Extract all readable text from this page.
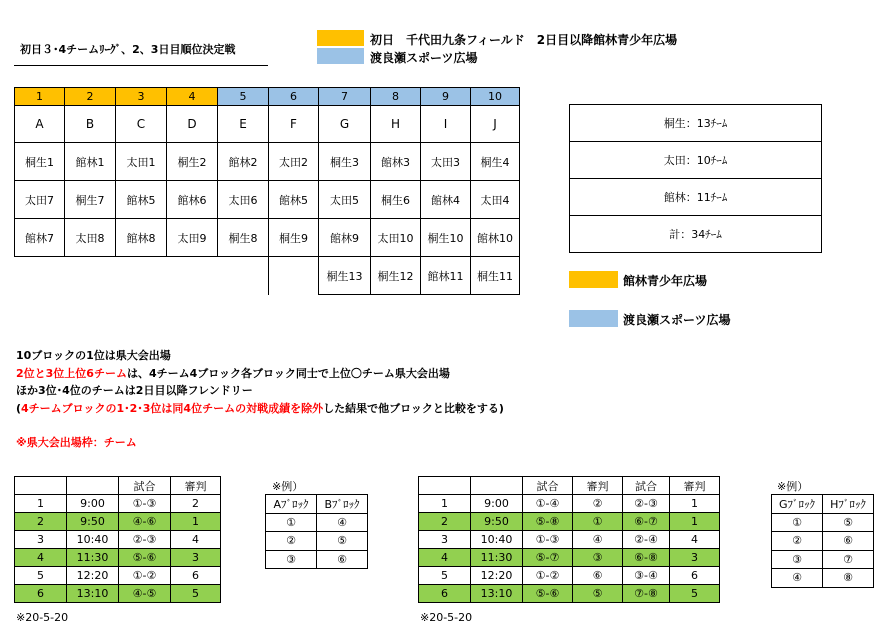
初日３･4チームﾘｰｸﾞ、2、3日目順位決定戦
初日　千代田九条フィールド　2日目以降館林青少年広場
渡良瀬スポーツ広場
1	2	3	4	5	6	7	8	9	10
A	B	C	D	E	F	G	H	I	J
桐生1	館林1	太田1	桐生2	館林2	太田2	桐生3	館林3	太田3	桐生4
太田7	桐生7	館林5	館林6	太田6	館林5	太田5	桐生6	館林4	太田4
館林7	太田8	館林8	太田9	桐生8	桐生9	館林9	太田10	桐生10	館林10
						桐生13	桐生12	館林11	桐生11
桐生：13ﾁｰﾑ
太田：10ﾁｰﾑ
館林：11ﾁｰﾑ
計：34ﾁｰﾑ
館林青少年広場
渡良瀬スポーツ広場
10ブロックの1位は県大会出場
2位と3位上位6チームは、4チーム4ブロック各ブロック同士で上位〇チーム県大会出場
ほか3位･4位のチームは2日目以降フレンドリー
(4チームブロックの1･2･3位は同4位チームの対戦成績を除外した結果で他ブロックと比較をする)
※県大会出場枠：チーム
		試合	審判
1	9:00	①-③	2
2	9:50	④-⑥	1
3	10:40	②-③	4
4	11:30	⑤-⑥	3
5	12:20	①-②	6
6	13:10	④-⑤	5
※20-5-20
※例）
Aﾌﾞﾛｯｸ	Bﾌﾞﾛｯｸ
①	④
②	⑤
③	⑥
		試合	審判	試合	審判
1	9:00	①-④	②	②-③	1
2	9:50	⑤-⑧	①	⑥-⑦	1
3	10:40	①-③	④	②-④	4
4	11:30	⑤-⑦	③	⑥-⑧	3
5	12:20	①-②	⑥	③-④	6
6	13:10	⑤-⑥	⑤	⑦-⑧	5
※20-5-20
※例）
Gﾌﾞﾛｯｸ	Hﾌﾞﾛｯｸ
①	⑤
②	⑥
③	⑦
④	⑧
